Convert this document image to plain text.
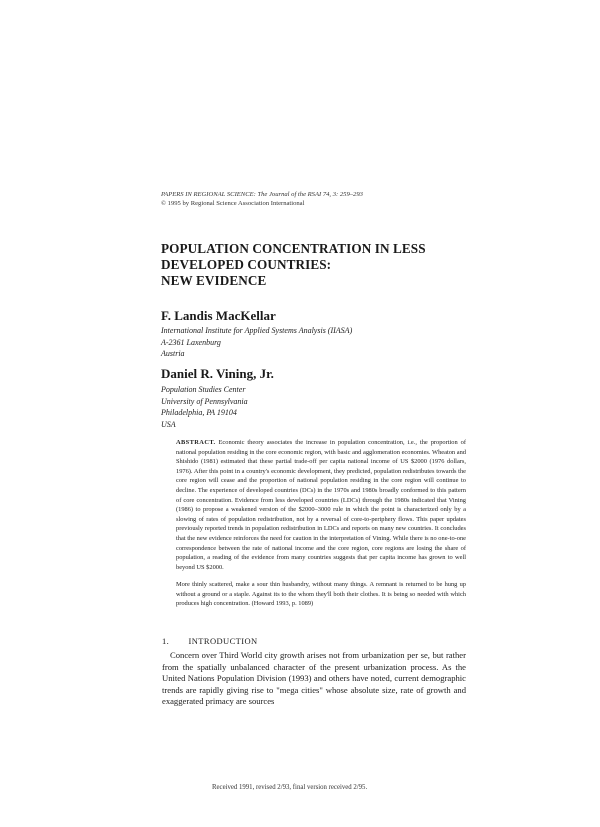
PAPERS IN REGIONAL SCIENCE: The Journal of the RSAI 74, 3: 259–293
© 1995 by Regional Science Association International
POPULATION CONCENTRATION IN LESS
DEVELOPED COUNTRIES:
NEW EVIDENCE
F. Landis MacKellar
International Institute for Applied Systems Analysis (IIASA)
A-2361 Laxenburg
Austria
Daniel R. Vining, Jr.
Population Studies Center
University of Pennsylvania
Philadelphia, PA 19104
USA
ABSTRACT. Economic theory associates the increase in population concentration, i.e., the proportion of national population residing in the core economic region, with basic and agglomeration economies. Wheaton and Shishido (1981) estimated that these partial trade-off per capita national income of US $2000 (1976 dollars, 1976). After this point in a country's economic development, they predicted, population redistributes towards the core region will cease and the proportion of national population residing in the core region will continue to decline. The experience of developed countries (DCs) in the 1970s and 1980s broadly conformed to this pattern of core concentration. Evidence from less developed countries (LDCs) through the 1980s indicated that Vining (1986) to propose a weakened version of the $2000–3000 rule in which the point is characterized only by a slowing of rates of population redistribution, not by a reversal of core-to-periphery flows. This paper updates previously reported trends in population redistribution in LDCs and reports on many new countries. It concludes that the new evidence reinforces the need for caution in the interpretation of Vining. While there is no one-to-one correspondence between the rate of national income and the core region, core regions are losing the share of population, a reading of the evidence from many countries suggests that per capita income has grown to well beyond US $2000.
More thinly scattered, make a sour thin husbandry, without many things. A remnant is returned to be hung up without a ground or a staple. Against its to the whom they'll both their clothes. It is being so needed with which produces high concentration. (Howard 1993, p. 1089)
1. INTRODUCTION

Concern over Third World city growth arises not from urbanization per se, but rather from the spatially unbalanced character of the present urbanization process. As the United Nations Population Division (1993) and others have noted, current demographic trends are rapidly giving rise to "mega cities" whose absolute size, rate of growth and exaggerated primacy are sources

Received 1991, revised 2/93, final version received 2/95.
